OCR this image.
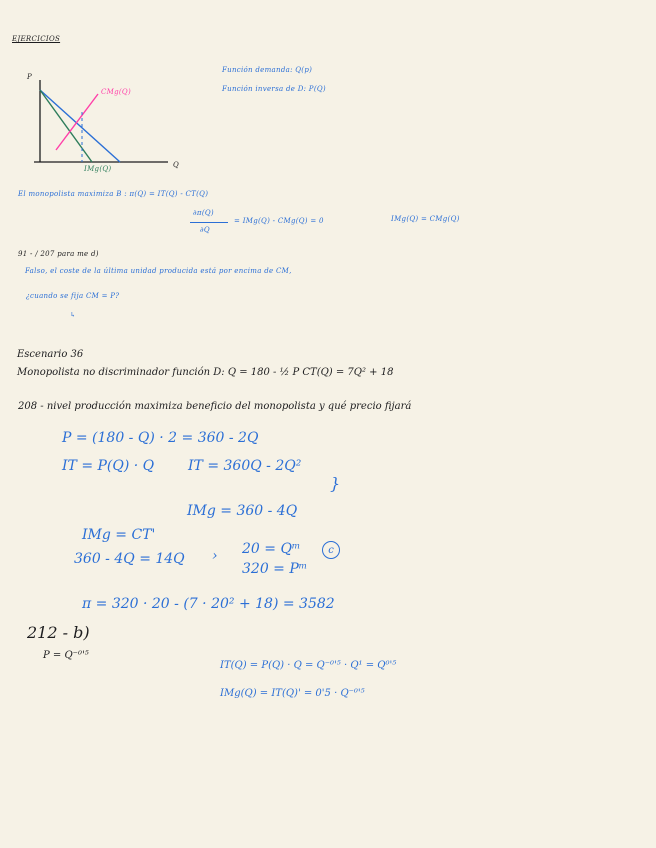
EJERCICIOS
P
Q
CMg(Q)
IMg(Q)
Función demanda: Q(p)
Función inversa de D: P(Q)
El monopolista maximiza B : π(Q) = IT(Q) - CT(Q)
∂π(Q)
∂Q
= IMg(Q) - CMg(Q) = 0	IMg(Q) = CMg(Q)
91 - / 207 para me d)
Falso, el coste de la última unidad producida está por encima de CM,
¿cuando se fija CM = P?
↳
Escenario 36
Monopolista no discriminador función D: Q = 180 - ½ P CT(Q) = 7Q² + 18
208 - nivel producción maximiza beneficio del monopolista y qué precio fijará
P = (180 - Q) · 2 = 360 - 2Q
IT = P(Q) · Q IT = 360Q - 2Q²
}
IMg = 360 - 4Q
IMg = CT'
360 - 4Q = 14Q › 20 = Qᵐ
320 = Pᵐ
c
π = 320 · 20 - (7 · 20² + 18) = 3582
212 - b)
P = Q⁻⁰'⁵
IT(Q) = P(Q) · Q = Q⁻⁰'⁵ · Q¹ = Q⁰'⁵
IMg(Q) = IT(Q)' = 0'5 · Q⁻⁰'⁵
